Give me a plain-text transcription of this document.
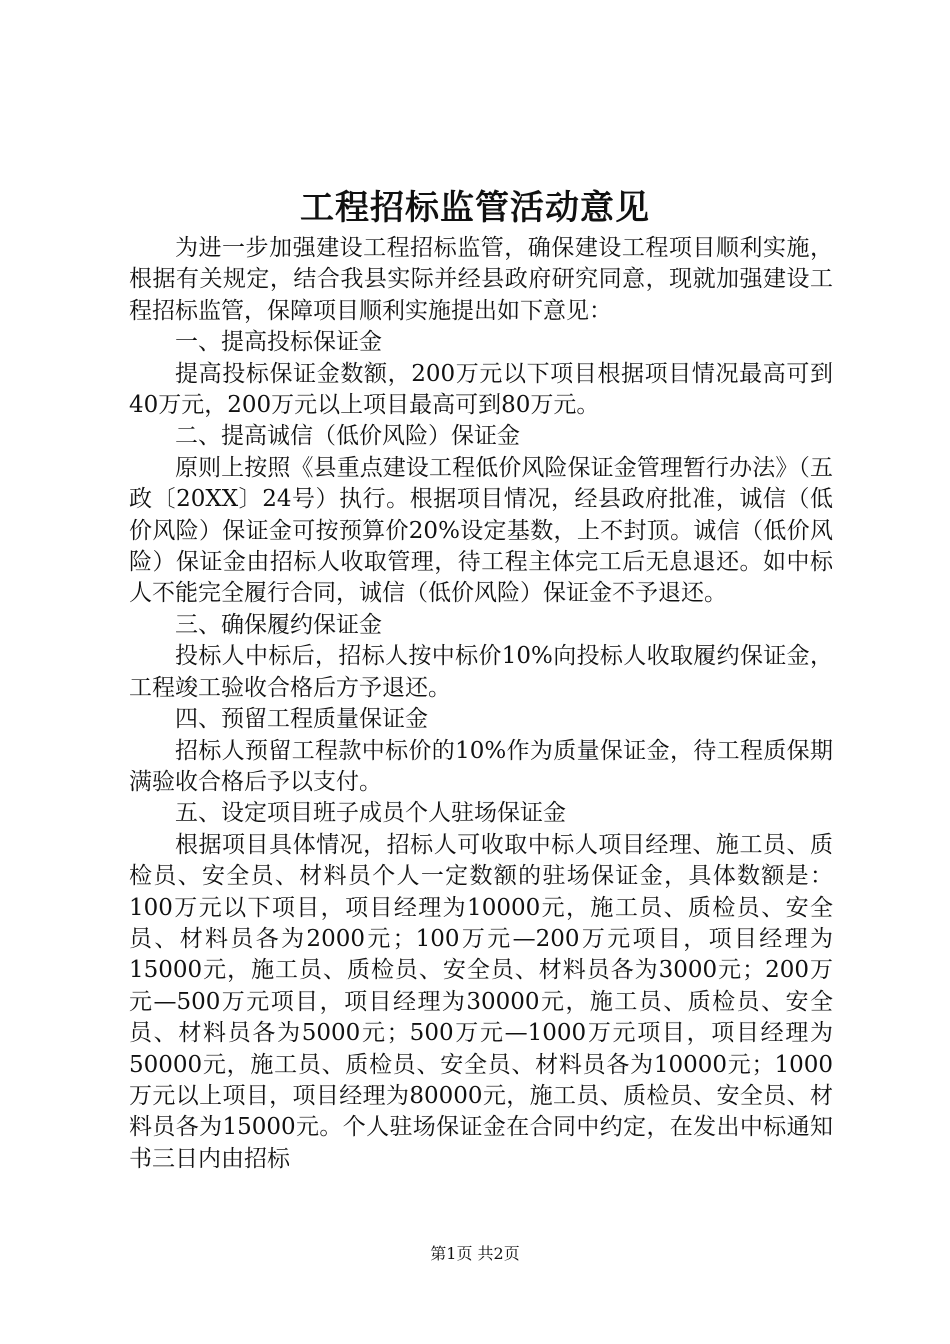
工程招标监管活动意见

为进一步加强建设工程招标监管，确保建设工程项目顺利实施，根据有关规定，结合我县实际并经县政府研究同意，现就加强建设工程招标监管，保障项目顺利实施提出如下意见：

一、提高投标保证金

提高投标保证金数额，200万元以下项目根据项目情况最高可到40万元，200万元以上项目最高可到80万元。

二、提高诚信（低价风险）保证金

原则上按照《县重点建设工程低价风险保证金管理暂行办法》（五政〔20XX〕24号）执行。根据项目情况，经县政府批准，诚信（低价风险）保证金可按预算价20%设定基数，上不封顶。诚信（低价风险）保证金由招标人收取管理，待工程主体完工后无息退还。如中标人不能完全履行合同，诚信（低价风险）保证金不予退还。

三、确保履约保证金

投标人中标后，招标人按中标价10%向投标人收取履约保证金，工程竣工验收合格后方予退还。

四、预留工程质量保证金

招标人预留工程款中标价的10%作为质量保证金，待工程质保期满验收合格后予以支付。

五、设定项目班子成员个人驻场保证金

根据项目具体情况，招标人可收取中标人项目经理、施工员、质检员、安全员、材料员个人一定数额的驻场保证金，具体数额是：100万元以下项目，项目经理为10000元，施工员、质检员、安全员、材料员各为2000元；100万元—200万元项目，项目经理为15000元，施工员、质检员、安全员、材料员各为3000元；200万元—500万元项目，项目经理为30000元，施工员、质检员、安全员、材料员各为5000元；500万元—1000万元项目，项目经理为50000元，施工员、质检员、安全员、材料员各为10000元；1000万元以上项目，项目经理为80000元，施工员、质检员、安全员、材料员各为15000元。个人驻场保证金在合同中约定，在发出中标通知书三日内由招标

第1页 共2页
